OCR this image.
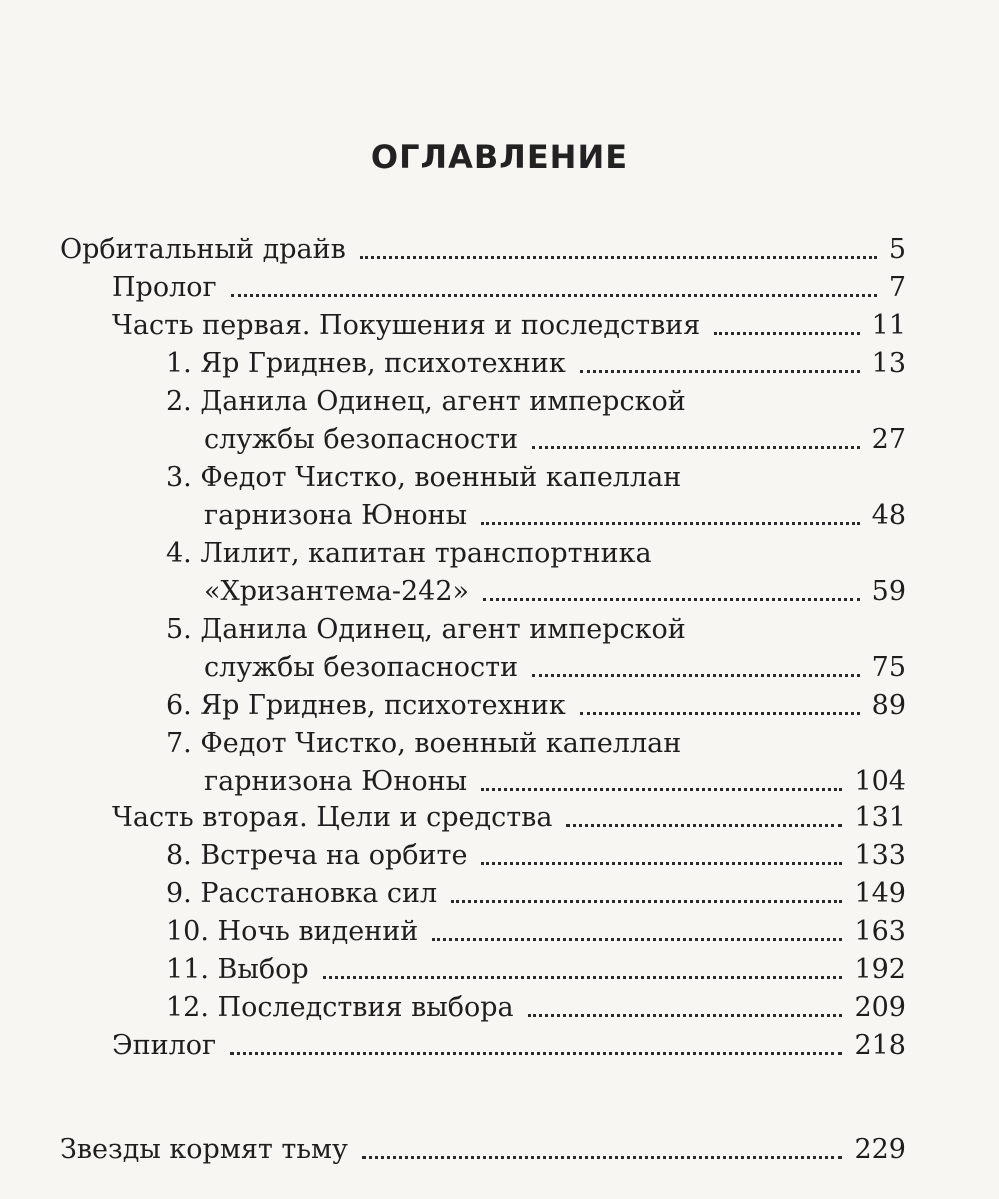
ОГЛАВЛЕНИЕ
Орбитальный драйв	5
Пролог	7
Часть первая. Покушения и последствия	11
1. Яр Гриднев, психотехник	13
2. Данила Одинец, агент имперской
службы безопасности	27
3. Федот Чистко, военный капеллан
гарнизона Юноны	48
4. Лилит, капитан транспортника
«Хризантема-242»	59
5. Данила Одинец, агент имперской
службы безопасности	75
6. Яр Гриднев, психотехник	89
7. Федот Чистко, военный капеллан
гарнизона Юноны	104
Часть вторая. Цели и средства	131
8. Встреча на орбите	133
9. Расстановка сил	149
10. Ночь видений	163
11. Выбор	192
12. Последствия выбора	209
Эпилог	218
Звезды кормят тьму	229
